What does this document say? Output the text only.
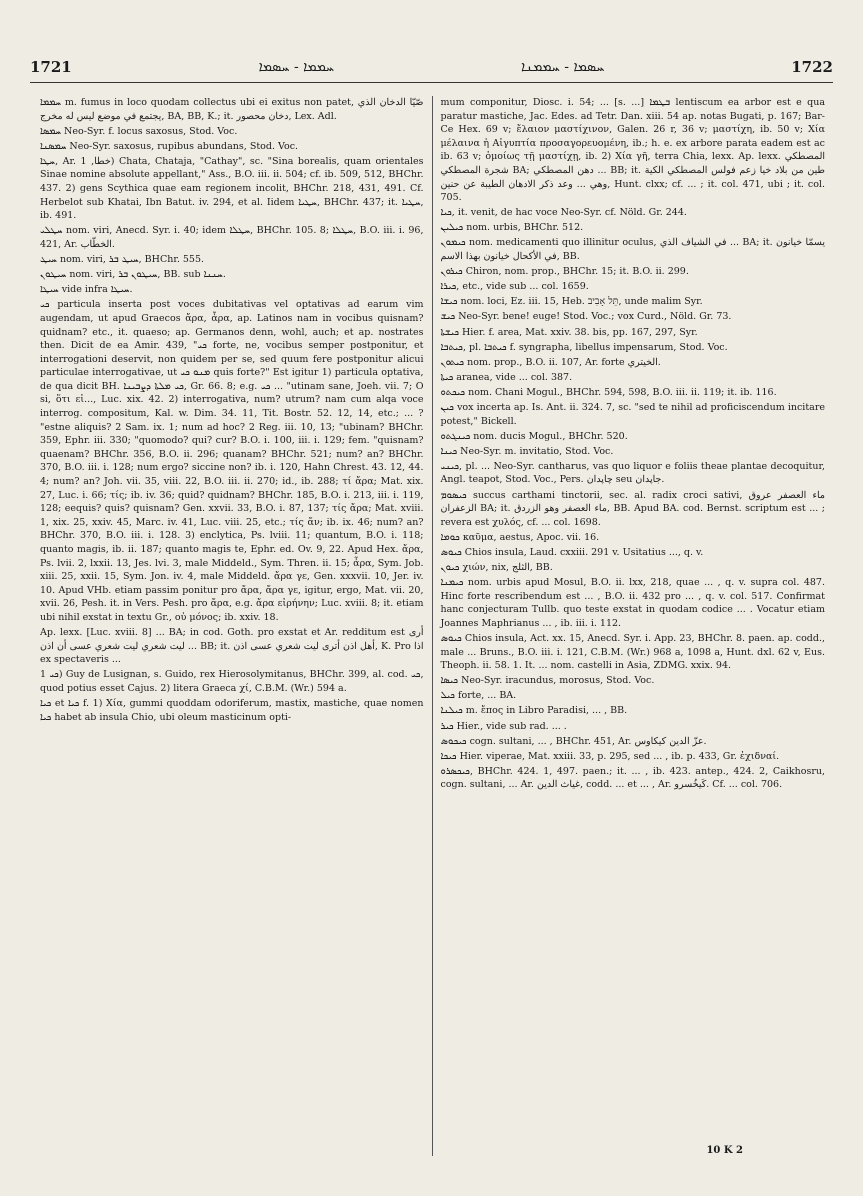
1721	ܚܡܡܐ - ܚܣܡܐ	ܚܣܡܐ - ܚܡܡܢܐ	1722

ܚܡܡܐ m. fumus in loco quodam collectus ubi ei exitus non patet, صّيّا الدخان الذي يجتمع في موضع ليس له مخرج, BA, BB, K.; it. دخان محصور, Lex. Adl.

ܚܡܣܐ Neo-Syr. f. locus saxosus, Stod. Voc.

ܚܡܣܢܐ Neo-Syr. saxosus, rupibus abundans, Stod. Voc.

ܚܛܐ, Ar. خطا, 1) Chata, Chataja, "Cathay", sc. "Sina borealis, quam orientales Sinae nomine absolute appellant," Ass., B.O. iii. ii. 504; cf. ib. 509, 512, BHChr. 437. 2) gens Scythica quae eam regionem incolit, BHChr. 218, 431, 491. Cf. Herbelot sub Khatai, Ibn Batut. iv. 294, et al. Iidem ܚܛܝܐ, BHChr. 437; it. ܚܛܝܐ, ib. 491.

ܚܛܠܝ nom. viri, Anecd. Syr. i. 40; idem ܚܛܠܐ, BHChr. 105. 8; ܚܛܠܐ, B.O. iii. i. 96, 421, Ar. الخطّاب.

ܚܝܛ nom. viri, ܚܝܛ ܒܪ, BHChr. 555.

ܚܝܛܘܢ nom. viri, ܚܝܛܘܢ ܒܪ, BB. sub ܚܢܢܐ.

ܚܝܛܐ vide infra ܚܝܛܐ.

ܟܝ particula inserta post voces dubitativas vel optativas ad earum vim augendam, ut apud Graecos ἄρα, ἆρα, ap. Latinos nam in vocibus quisnam? quidnam? etc., it. quaeso; ap. Germanos denn, wohl, auch; et ap. nostrates then. Dicit de ea Amir. 439, "ܟܝ forte, ne, vocibus semper postponitur, et interrogationi deservit, non quidem per se, sed quum fere postponitur alicui particulae interrogativae, ut ܡܢܘ ܟܝ quis forte?" Est igitur 1) particula optativa, de qua dicit BH. ܟܝ ܡܠܬܐ ܕܨܒܝܢܐ, Gr. 66. 8; e.g. ܟܝ ... "utinam sane, Joeh. vii. 7; O si, ὅτι εἰ..., Luc. xix. 42. 2) interrogativa, num? utrum? nam cum alqa voce interrog. compositum, Kal. w. Dim. 34. 11, Tit. Bostr. 52. 12, 14, etc.; ... ? "estne aliquis? 2 Sam. ix. 1; num ad hoc? 2 Reg. iii. 10, 13; "ubinam? BHChr. 359, Ephr. iii. 330; "quomodo? qui? cur? B.O. i. 100, iii. i. 129; fem. "quisnam? quaenam? BHChr. 356, B.O. ii. 296; quanam? BHChr. 521; num? an? BHChr. 370, B.O. iii. i. 128; num ergo? siccine non? ib. i. 120, Hahn Chrest. 43. 12, 44. 4; num? an? Joh. vii. 35, viii. 22, B.O. iii. ii. 270; id., ib. 288; τί ἄρα; Mat. xix. 27, Luc. i. 66; τίς; ib. iv. 36; quid? quidnam? BHChr. 185, B.O. i. 213, iii. i. 119, 128; eequis? quis? quisnam? Gen. xxvii. 33, B.O. i. 87, 137; τίς ἄρα; Mat. xviii. 1, xix. 25, xxiv. 45, Marc. iv. 41, Luc. viii. 25, etc.; τίς ἄν; ib. ix. 46; num? an? BHChr. 370, B.O. iii. i. 128. 3) enclytica, Ps. lviii. 11; quantum, B.O. i. 118; quanto magis, ib. ii. 187; quanto magis te, Ephr. ed. Ov. 9, 22. Apud Hex. ἄρα, Ps. lvii. 2, lxxii. 13, Jes. lvi. 3, male Middeld., Sym. Thren. ii. 15; ἆρα, Sym. Job. xiii. 25, xxii. 15, Sym. Jon. iv. 4, male Middeld. ἄρα γε, Gen. xxxvii. 10, Jer. iv. 10. Apud VHb. etiam passim ponitur pro ἄρα, ἄρα γε, igitur, ergo, Mat. vii. 20, xvii. 26, Pesh. it. in Vers. Pesh. pro ἄρα, e.g. ἄρα εἰρήνην; Luc. xviii. 8; it. etiam ubi nihil exstat in textu Gr., οὐ μόνος; ib. xxiv. 18.

Ap. lexx. [Luc. xviii. 8] ... BA; in cod. Goth. pro exstat et Ar. redditum est أرى ليت شعري ليت شعري عسى أن اذن ... BB; it. أهل اذن أترى ليت شعري عسى اذن, K. Pro اذا ex spectaveris ...

ܟܝ 1) Guy de Lusignan, s. Guido, rex Hierosolymitanus, BHChr. 399, al. cod. ܟܝ, quod potius esset Cajus. 2) litera Graeca χί, C.B.M. (Wr.) 594 a.

ܟܝܐ et ܟܝܐ f. 1) Χία, gummi quoddam odoriferum, mastix, mastiche, quae nomen ܟܝܐ habet ab insula Chio, ubi oleum masticinum opti-

mum componitur, Diosc. i. 54; ... [s. ...] ܒܛܡܐ lentiscum ea arbor est e qua paratur mastiche, Jac. Edes. ad Tetr. Dan. xiii. 54 ap. notas Bugati, p. 167; Bar-Ce Hex. 69 v; ἔλαιον μαστίχινον, Galen. 26 r, 36 v; μαστίχη, ib. 50 v; Χία μέλαινα ἡ Αἰγυπτία προσαγορευομένη, ib.; h. e. ex arbore parata eadem est ac ib. 63 v; ὁμοίως τῇ μαστίχῃ, ib. 2) Χία γῆ, terra Chia, lexx. Ap. lexx. المصطكي شجرة المصطكي BA; دهن المصطكي ... BB; it. طين من بلاد خيا زعم فولس المصطكي الكية وهي ... وعد ذكر الادهان الطيبة عن حنين, Hunt. clxx; cf. ... ; it. col. 471, ubi ; it. col. 705.

ܟܝܐ, it. venit, de hac voce Neo-Syr. cf. Nöld. Gr. 244.

ܟܝܠܝܢ nom. urbis, BHChr. 512.

ܟܝܡܘܢ nom. medicamenti quo illinitur oculus, في الشياف الذي ... BA; it. يسمّا خيانون في الأكحال خيانون بهذا الاسم, BB.

ܟܝܪܘܢ Chiron, nom. prop., BHChr. 15; it. B.O. ii. 299.

ܟܝܪܐ, etc., vide sub ... col. 1659.

ܟܝܫܐ nom. loci, Ez. iii. 15, Heb. תֵּל אָבִיב, unde malim Syr.

ܟܝܫ Neo-Syr. bene! euge! Stod. Voc.; vox Curd., Nöld. Gr. 73.

ܟܝܫܬܐ Hier. f. area, Mat. xxiv. 38. bis, pp. 167, 297, Syr.

ܟܝܬܒܐ, pl. ܟܝܬܒܐ f. syngrapha, libellus impensarum, Stod. Voc.

ܟܝܬܘܢ nom. prop., B.O. ii. 107, Ar. forte الخيتري.

ܟܝܬܐ aranea, vide ... col. 387.

ܟܝܟܬܘ nom. Chani Mogul., BHChr. 594, 598, B.O. iii. ii. 119; it. ib. 116.

ܟܝܢ vox incerta ap. Is. Ant. ii. 324. 7, sc. "sed te nihil ad proficiscendum incitare potest," Bickell.

ܟܝܢܓܬܘ nom. ducis Mogul., BHChr. 520.

ܟܝܢܐ Neo-Syr. m. invitatio, Stod. Voc.

ܟܝܢܝ, pl. ... Neo-Syr. cantharus, vas quo liquor e foliis theae plantae decoquitur, Angl. teapot, Stod. Voc., Pers. چاپدان seu جاپدان.

ܟܝܣܘܡ succus carthami tinctorii, sec. al. radix croci sativi, ماء العصفر عروق الزعفران BA; it. ماء العصفر وهو الزردق, BB. Apud BA. cod. Bernst. scriptum est ... ; revera est χυλός, cf. ... col. 1698.

ܟܘܡܐ καῦμα, aestus, Apoc. vii. 16.

ܟܝܘܣ Chios insula, Laud. cxxiii. 291 v. Usitatius ..., q. v.

ܟܝܘܢ χιών, nix, الثلج, BB.

ܟܝܡܢܐ nom. urbis apud Mosul, B.O. ii. lxx, 218, quae ... , q. v. supra col. 487. Hinc forte rescribendum est ... , B.O. ii. 432 pro ... , q. v. col. 517. Confirmat hanc conjecturam Tullb. quo teste exstat in quodam codice ... . Vocatur etiam Joannes Maphrianus ... , ib. iii. i. 112.

ܟܝܘܣ Chios insula, Act. xx. 15, Anecd. Syr. i. App. 23, BHChr. 8. paen. ap. codd., male ... Bruns., B.O. iii. i. 121, C.B.M. (Wr.) 968 a, 1098 a, Hunt. dxl. 62 v, Eus. Theoph. ii. 58. 1. It. ... nom. castelli in Asia, ZDMG. xxix. 94.

ܟܝܣܐ Neo-Syr. iracundus, morosus, Stod. Voc.

ܟܝܠ forte, ... BA.

ܟܝܠܢܐ m. ἔπος in Libro Paradisi, ... , BB.

ܟܝܪ Hier., vide sub rad. ... .

ܟܝܟܘܣ cogn. sultani, ... , BHChr. 451, Ar. عزّ الدين كيكاوس.

ܟܝܟܐ Hier. viperae, Mat. xxiii. 33, p. 295, sed ... , ib. p. 433, Gr. ἐχιδναί.

ܟܝܟܣܪܘ, BHChr. 424. 1, 497. paen.; it. ... , ib. 423. antep., 424. 2, Caikhosru, cogn. sultani, ... Ar. غياث الدين, codd. ... et ... , Ar. كَيخُسرو. Cf. ... col. 706.

10 K 2
